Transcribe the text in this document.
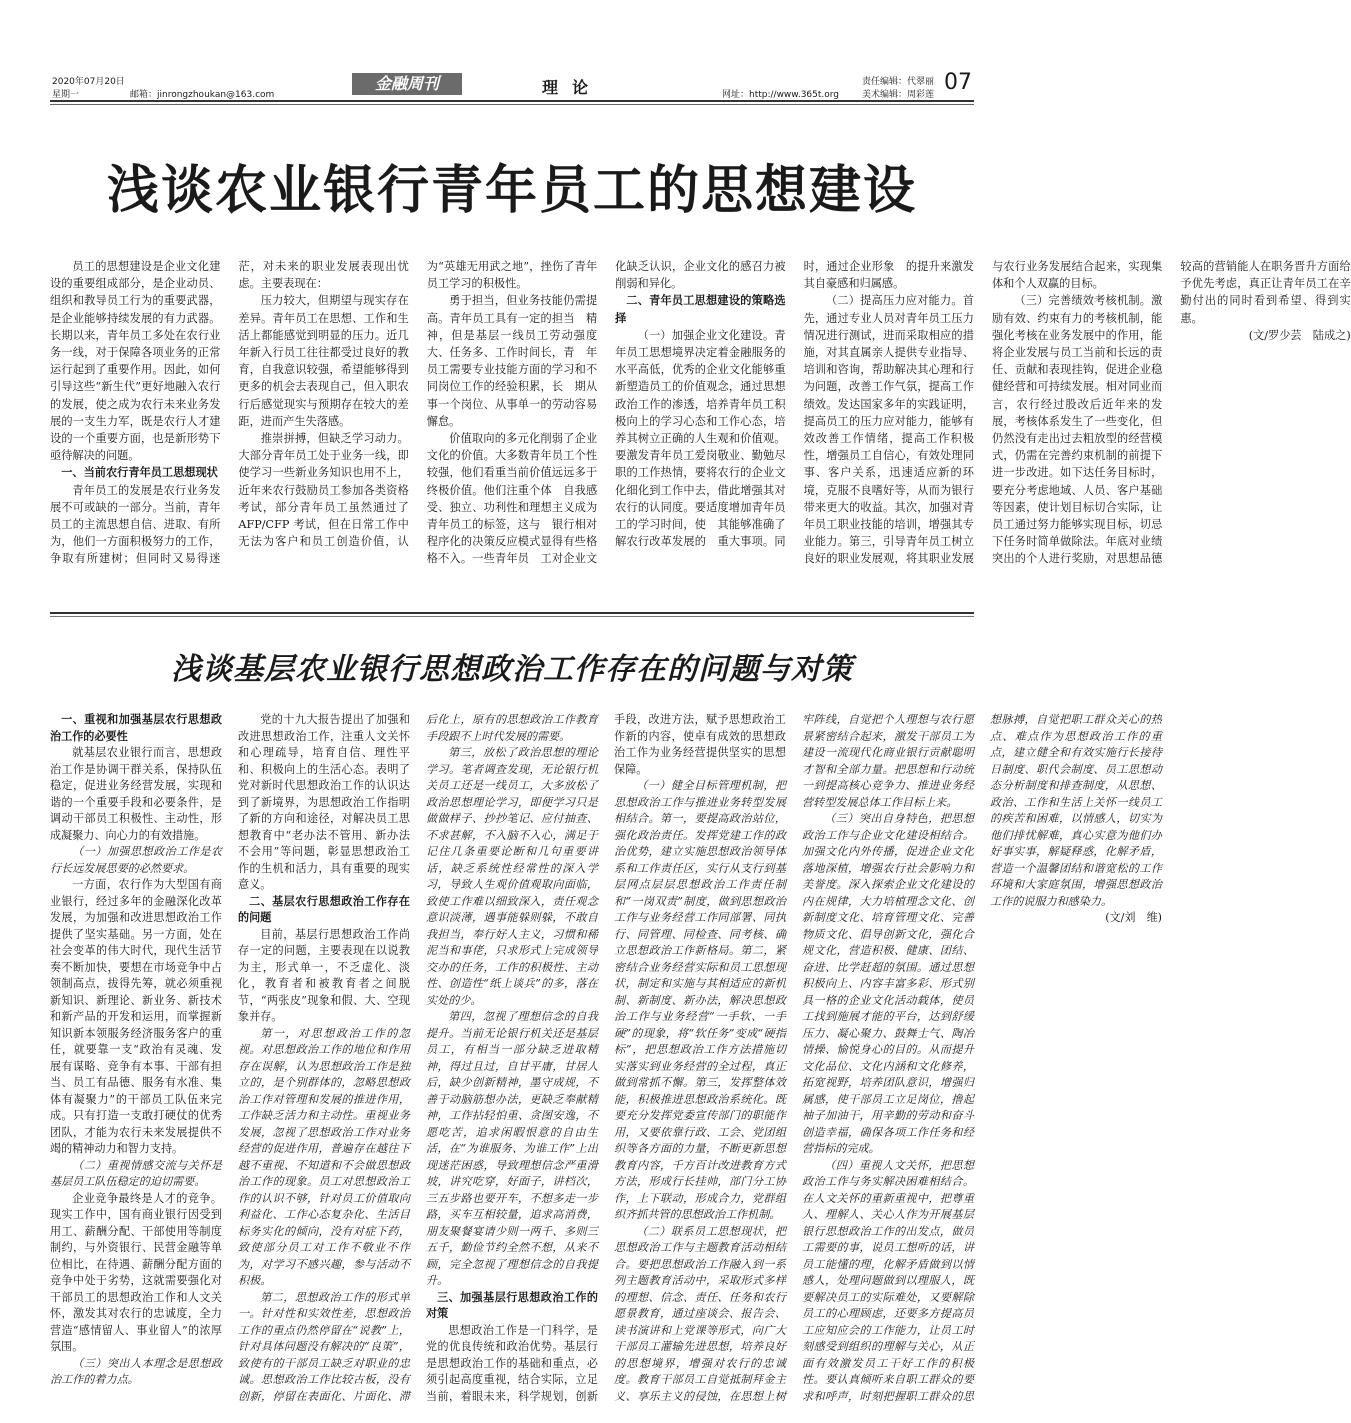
2020年07月20日
星期一	邮箱：jinrongzhoukan@163.com
金融周刊	理论	网址：http://www.365t.org
责任编辑：代翠丽
美术编辑：周彩莲 07
浅谈农业银行青年员工的思想建设

员工的思想建设是企业文化建设的重要组成部分，是企业动员、组织和教导员工行为的重要武器，是企业能够持续发展的有力武器。长期以来，青年员工多处在农行业务一线，对于保障各项业务的正常运行起到了重要作用。因此，如何引导这些“新生代”更好地融入农行的发展，使之成为农行未来业务发展的一支生力军，既是农行人才建设的一个重要方面，也是新形势下亟待解决的问题。

一、当前农行青年员工思想现状

青年员工的发展是农行业务发展不可或缺的一部分。当前，青年员工的主流思想自信、进取、有所为，他们一方面积极努力的工作，争取有所建树；但同时又易得迷茫，对未来的职业发展表现出忧虑。主要表现在：

压力较大，但期望与现实存在差异。青年员工在思想、工作和生活上都能感觉到明显的压力。近几年新入行员工往往都受过良好的教育，自我意识较强，希望能够得到更多的机会去表现自己，但入职农行后感觉现实与预期存在较大的差距，进而产生失落感。

推崇拼搏，但缺乏学习动力。大部分青年员工处于业务一线，即使学习一些新业务知识也用不上，近年来农行鼓励员工参加各类资格考试，部分青年员工虽然通过了 AFP/CFP 考试，但在日常工作中无法为客户和员工创造价值，认为“英雄无用武之地”，挫伤了青年员工学习的积极性。

勇于担当，但业务技能仍需提高。青年员工具有一定的担当　精神，但是基层一线员工劳动强度大、任务多、工作时间长，青　年员工需要专业技能方面的学习和不同岗位工作的经验积累，长　期从事一个岗位、从事单一的劳动容易懈怠。

价值取向的多元化削弱了企业文化的价值。大多数青年员工个性较强，他们看重当前价值远远多于终极价值。他们注重个体　自我感受、独立、功利性和理想主义成为青年员工的标签，这与　银行相对程序化的决策反应模式显得有些格格不入。一些青年员　工对企业文化缺乏认识，企业文化的感召力被削弱和异化。

二、青年员工思想建设的策略选择

（一）加强企业文化建设。青年员工思想境界决定着金融服务的水平高低，优秀的企业文化能够重新塑造员工的价值观念，通过思想政治工作的渗透，培养青年员工积极向上的学习心态和工作心态，培养其树立正确的人生观和价值观。要激发青年员工爱岗敬业、勤勉尽职的工作热情，要将农行的企业文化细化到工作中去，借此增强其对农行的认同度。要适度增加青年员工的学习时间，使　其能够准确了解农行改革发展的　重大事项。同时，通过企业形象　的提升来激发其自豪感和归属感。

（二）提高压力应对能力。首先，通过专业人员对青年员工压力情况进行测试，进而采取相应的措施，对其直属亲人提供专业指导、培训和咨询，帮助解决其心理和行为问题，改善工作气氛，提高工作绩效。发达国家多年的实践证明，提高员工的压力应对能力，能够有效改善工作情绪，提高工作积极性，增强员工自信心，有效处理同事、客户关系，迅速适应新的环境，克服不良嗜好等，从而为银行带来更大的收益。其次，加强对青年员工职业技能的培训，增强其专业能力。第三，引导青年员工树立良好的职业发展观，将其职业发展与农行业务发展结合起来，实现集体和个人双赢的目标。

（三）完善绩效考核机制。激励有效、约束有力的考核机制，能强化考核在业务发展中的作用，能将企业发展与员工当前和长远的责任、贡献和表现挂钩，促进企业稳健经营和可持续发展。相对同业而言，农行经过股改后近年来的发展，考核体系发生了一些变化，但仍然没有走出过去粗放型的经营模式，仍需在完善约束机制的前提下进一步改进。如下达任务目标时，要充分考虑地域、人员、客户基础等因素，使计划目标切合实际，让员工通过努力能够实现目标，切忌下任务时简单做除法。年底对业绩突出的个人进行奖励，对思想品德较高的营销能人在职务晋升方面给予优先考虑，真正让青年员工在辛勤付出的同时看到希望、得到实惠。

(文/罗少芸　陆成之)

浅谈基层农业银行思想政治工作存在的问题与对策

一、重视和加强基层农行思想政治工作的必要性

就基层农业银行而言，思想政治工作是协调干群关系，保持队伍稳定，促进业务经营发展，实现和谐的一个重要手段和必要条件，是调动干部员工积极性、主动性，形成凝聚力、向心力的有效措施。

（一）加强思想政治工作是农行长远发展思要的必然要求。

一方面，农行作为大型国有商业银行，经过多年的金融深化改革发展，为加强和改进思想政治工作提供了坚实基础。另一方面，处在社会变革的伟大时代，现代生活节奏不断加快，要想在市场竞争中占领制高点，拔得先筹，就必须重视新知识、新理论、新业务、新技术和新产品的开发和运用，而掌握新知识新本领服务经济服务客户的重任，就要靠一支“政治有灵魂、发展有谋略、竞争有本事、干部有担当、员工有品德、服务有水准、集体有凝聚力”的干部员工队伍来完成。只有打造一支敢打硬仗的优秀团队，才能为农行未来发展提供不竭的精神动力和智力支持。

（二）重视情感交流与关怀是基层员工队伍稳定的迫切需要。

企业竞争最终是人才的竞争。现实工作中，国有商业银行因受到用工、薪酬分配、干部使用等制度制约，与外资银行、民营金融等单位相比，在待遇、薪酬分配方面的竞争中处于劣势，这就需要强化对干部员工的思想政治工作和人文关怀，激发其对农行的忠诚度，全力营造“感情留人、事业留人”的浓厚氛围。

（三）突出人本理念是思想政治工作的着力点。

党的十九大报告提出了加强和改进思想政治工作，注重人文关怀和心理疏导，培育自信、理性平和、积极向上的生活心态。表明了党对新时代思想政治工作的认识达到了新境界，为思想政治工作指明了新的方向和途径，对解决员工思想教育中“老办法不管用、新办法不会用”等问题，彰显思想政治工作的生机和活力，具有重要的现实意义。

二、基层农行思想政治工作存在的问题

目前，基层行思想政治工作尚存一定的问题，主要表现在以说教为主，形式单一，不乏虚化、淡化，教育者和被教育者之间脱节，“两张皮”现象和假、大、空现象并存。

第一，对思想政治工作的忽视。对思想政治工作的地位和作用存在误解，认为思想政治工作是独立的，是个别群体的，忽略思想政治工作对管理和发展的推进作用，工作缺乏活力和主动性。重视业务发展，忽视了思想政治工作对业务经营的促进作用，普遍存在越往下越不重视、不知道和不会做思想政治工作的现象。员工对思想政治工作的认识不够，针对员工价值取向利益化、工作心态复杂化、生活目标务实化的倾向，没有对症下药，致使部分员工对工作不敬业不作为，对学习不感兴趣，参与活动不积极。

第二，思想政治工作的形式单一。针对性和实效性差，思想政治工作的重点仍然停留在“说教”上，针对具体问题没有解决的“良策”，致使有的干部员工缺乏对职业的忠诚。思想政治工作比较古板，没有创新，停留在表面化、片面化、滞后化上，原有的思想政治工作教育手段跟不上时代发展的需要。

第三，放松了政治思想的理论学习。笔者调查发现，无论银行机关员工还是一线员工，大多放松了政治思想理论学习，即便学习只是做做样子、抄抄笔记、应付抽查、不求甚解，不入脑不入心，满足于记住几条重要论断和几句重要讲话，缺乏系统性经常性的深入学习，导致人生观价值观取向面临，致使工作难以细致深入，责任观念意识淡薄，遇事能躲则躲，不敢自我担当，奉行好人主义，习惯和稀泥当和事佬，只求形式上完成领导交办的任务，工作的积极性、主动性、创造性“纸上谈兵”的多，落在实处的少。

第四，忽视了理想信念的自我提升。当前无论银行机关还是基层员工，有相当一部分缺乏进取精神，得过且过，自甘平庸，甘居人后，缺少创新精神，墨守成规，不善于动脑筋想办法，更缺乏奉献精神，工作拈轻怕重、贪图安逸，不愿吃苦，追求闲暇恨意的自由生活，在“为谁服务、为谁工作”上出现迷茫困惑，导致理想信念严重滑坡，讲究吃穿，好面子，讲档次，三五步路也要开车，不想多走一步路，买车互相较量，追求高消费，朋友聚餐宴请少则一两千、多则三五千，勤俭节约全然不想，从来不顾，完全忽视了理想信念的自我提升。

三、加强基层行思想政治工作的对策

思想政治工作是一门科学，是党的优良传统和政治优势。基层行是思想政治工作的基础和重点，必须引起高度重视，结合实际，立足当前，着眼未来，科学规划，创新手段，改进方法，赋予思想政治工作新的内容，使卓有成效的思想政治工作为业务经营提供坚实的思想保障。

（一）健全目标管理机制，把思想政治工作与推进业务转型发展相结合。第一，要提高政治站位，强化政治责任。发挥党建工作的政治优势，建立实施思想政治领导体系和工作责任区，实行从支行到基层网点层层思想政治工作责任制和“一岗双责”制度，做到思想政治工作与业务经营工作同部署、同执行、同管理、同检查、同考核、确立思想政治工作新格局。第二，紧密结合业务经营实际和员工思想现状，制定和实施与其相适应的新机制、新制度、新办法，解决思想政治工作与业务经营“一手软、一手硬”的现象，将“软任务”变成“硬指标”，把思想政治工作方法措施切实落实到业务经营的全过程，真正做到常抓不懈。第三，发挥整体效能，积极推进思想政治系统化。既要充分发挥党委宣传部门的职能作用，又要依靠行政、工会、党团组织等各方面的力量，不断更新思想教育内容，千方百计改进教育方式方法，形成行长挂帅，部门分工协作，上下联动，形成合力，党群组织齐抓共管的思想政治工作机制。

（二）联系员工思想现状，把思想政治工作与主题教育活动相结合。要把思想政治工作融入到一系列主题教育活动中，采取形式多样的理想、信念、责任、任务和农行愿景教育，通过座谈会、报告会、读书演讲和上党课等形式，向广大干部员工灌输先进思想，培养良好的思想境界，增强对农行的忠诚度。教育干部员工自觉抵制拜金主义、享乐主义的侵蚀，在思想上树牢阵线，自觉把个人理想与农行愿景紧密结合起来，激发干部员工为建设一流现代化商业银行贡献聪明才智和全部力量。把思想和行动统一到提高核心竞争力、推进业务经营转型发展总体工作目标上来。

（三）突出自身特色，把思想政治工作与企业文化建设相结合。加强文化内外传播，促进企业文化落地深植，增强农行社会影响力和美誉度。深入探索企业文化建设的内在规律，大力培植理念文化、创新制度文化、培育管理文化、完善物质文化、倡导创新文化，强化合规文化，营造积极、健康、团结、奋进、比学赶超的氛围。通过思想积极向上、内容丰富多彩、形式别具一格的企业文化活动载体，使员工找到施展才能的平台，达到舒缓压力、凝心聚力、鼓舞士气、陶冶情操、愉悦身心的目的。从而提升文化品位、文化内涵和文化修养，拓宽视野，培养团队意识，增强归属感，使干部员工立足岗位，撸起袖子加油干，用辛勤的劳动和奋斗创造幸福，确保各项工作任务和经营指标的完成。

（四）重视人文关怀，把思想政治工作与务实解决困难相结合。在人文关怀的重新重视中，把尊重人、理解人、关心人作为开展基层银行思想政治工作的出发点，做员工需要的事，说员工想听的话，讲员工能懂的理，化解矛盾做到以情感人，处理问题做到以理服人，既要解决员工的实际难处，又要解除员工的心理顾虑，还要多方提高员工应知应会的工作能力，让员工时刻感受到组织的理解与关心，从正面有效激发员工干好工作的积极性。要认真倾听来自职工群众的要求和呼声，时刻把握职工群众的思想脉搏，自觉把职工群众关心的热点、难点作为思想政治工作的重点，建立健全和有效实施行长接待日制度、职代会制度、员工思想动态分析制度和排查制度，从思想、政治、工作和生活上关怀一线员工的疾苦和困难，以情感人，切实为他们排忧解难，真心实意为他们办好事实事，解疑释惑，化解矛盾，营造一个温馨团结和谐宽松的工作环境和大家庭氛围，增强思想政治工作的说服力和感染力。

(文/刘　维)
